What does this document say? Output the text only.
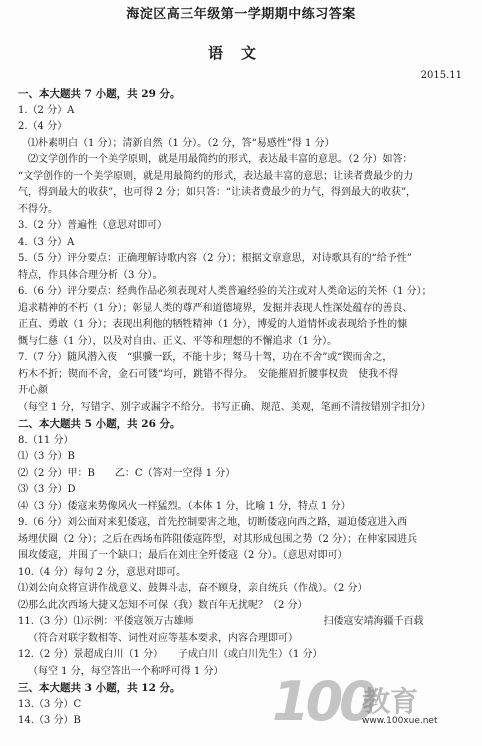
海淀区高三年级第一学期期中练习答案
语文
2015.11
一、本大题共 7 小题，共 29 分。
1.（2 分）A
2.（4 分）
⑴朴素明白（1 分）；清新自然（1 分）。（2 分，答“易感性”得 1 分）
⑵文学创作的一个美学原则，就是用最简约的形式，表达最丰富的意思。（2 分）如答：
“文学创作的一个美学原则，就是用最简约的形式，表达最丰富的意思；让读者费最少的力
气，得到最大的收获”，也可得 2 分；如只答：“让读者费最少的力气，得到最大的收获”，
不得分。
3.（2 分）普遍性（意思对即可）
4.（3 分）A
5.（5 分）评分要点：正确理解诗歌内容（2 分）；根据文章意思，对诗歌具有的“给予性”
特点，作具体合理分析（3 分）。
6.（6 分）评分要点：经典作品必须表现对人类普遍经验的关注或对人类命运的关怀（1 分）；
追求精神的不朽（1 分）；彰显人类的尊严和道德境界，发掘并表现人性深处蕴存的善良、
正直、勇敢（1 分）；表现出利他的牺牲精神（1 分），博爱的人道情怀或表现给予性的慷
慨与仁慈（1 分），以及对自由、正义、平等和理想的不懈追求（1 分）。
7.（7 分）随风潜入夜　“骐骥一跃，不能十步；驽马十驾，功在不舍”或“锲而舍之，
朽木不折；锲而不舍，金石可镂”均可，跳错不得分。　安能摧眉折腰事权贵　使我不得
开心颜
（每空 1 分，写错字、别字或漏字不给分。书写正确、规范、美观，笔画不清按错别字扣分）
二、本大题共 5 小题，共 26 分。
8.（11 分）
⑴（3 分）B
⑵（2 分）甲：B　　乙：C（答对一空得 1 分）
⑶（3 分）D
⑷（3 分）倭寇来势像风火一样猛烈。（本体 1 分，比喻 1 分，特点 1 分）
9.（6 分）刘公面对来犯倭寇，首先控制要害之地，切断倭寇向西之路，逼迫倭寇进入西
场埋伏圈（2 分）；之后在西场布阵阻倭寇阵型，对其形成包围之势（2 分）；在伸家园进兵
围攻倭寇，并围了一个缺口；最后在刘庄全歼倭寇（2 分）。（意思对即可）
10.（4 分）每句 2 分，意思对即可。
⑴刘公向众将宣讲作战意义、鼓舞斗志，奋不顾身，亲自统兵（作战）。（2 分）
⑵那么此次西场大捷又怎知不可保（我）数百年无扰呢？（2 分）
11.（3 分）⑴示例：平倭寇领万古雄师　　　　　　　　　　　　　扫倭寇安靖海疆千百载
（符合对联字数相等、词性对应等基本要求，内容合理即可）
12.（2 分）景超成白川（1 分）　　子成白川（或白川先生）（1 分）
（每空 1 分，每空答出一个称呼可得 1 分）
三、本大题共 3 小题，共 12 分。
13.（3 分）C
14.（3 分）B	100
教育
www.100xue.net
